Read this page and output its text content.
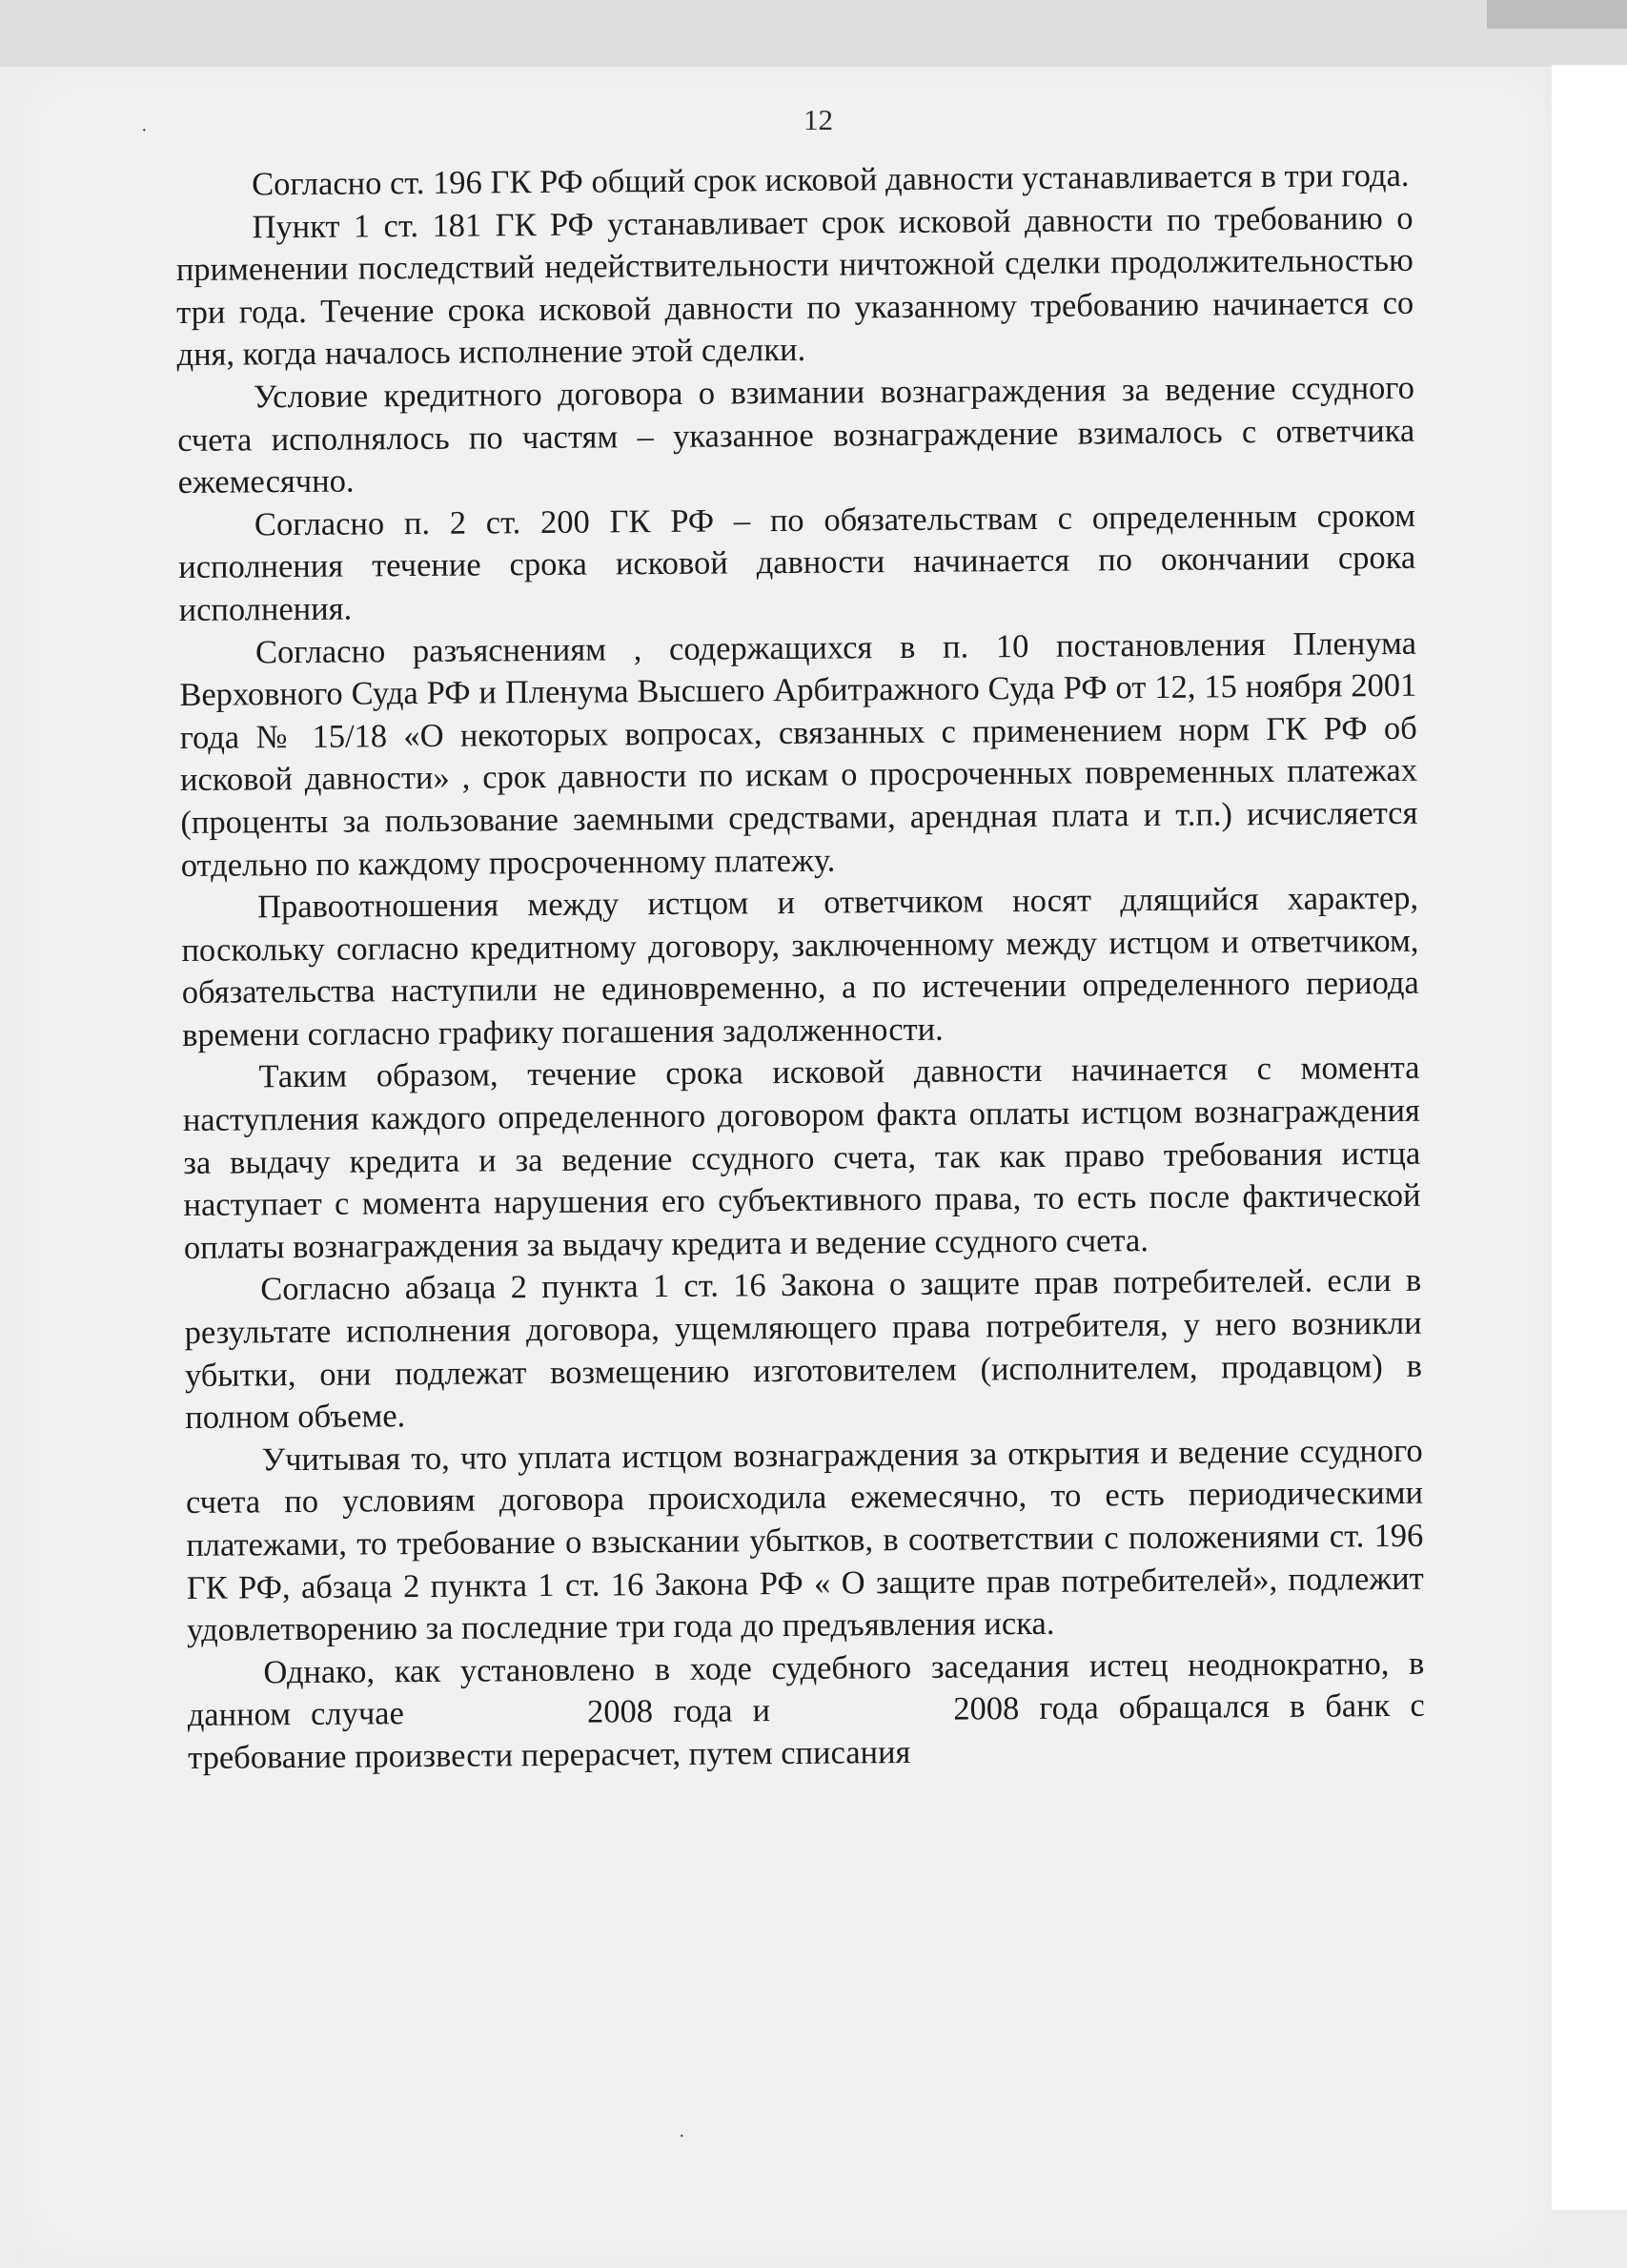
12
·
·

Согласно ст. 196 ГК РФ общий срок исковой давности устанавливается в три года.

Пункт 1 ст. 181 ГК РФ устанавливает срок исковой давности по требованию о применении последствий недействительности ничтожной сделки продолжительностью три года. Течение срока исковой давности по указанному требованию начинается со дня, когда началось исполнение этой сделки.

Условие кредитного договора о взимании вознаграждения за ведение ссудного счета исполнялось по частям – указанное вознаграждение взималось с ответчика ежемесячно.

Согласно п. 2 ст. 200 ГК РФ – по обязательствам с определенным сроком исполнения течение срока исковой давности начинается по окончании срока исполнения.

Согласно разъяснениям , содержащихся в п. 10 постановления Пленума Верховного Суда РФ и Пленума Высшего Арбитражного Суда РФ от 12, 15 ноября 2001 года № 15/18 «О некоторых вопросах, связанных с применением норм ГК РФ об исковой давности» , срок давности по искам о просроченных повременных платежах (проценты за пользование заемными средствами, арендная плата и т.п.) исчисляется отдельно по каждому просроченному платежу.

Правоотношения между истцом и ответчиком носят длящийся характер, поскольку согласно кредитному договору, заключенному между истцом и ответчиком, обязательства наступили не единовременно, а по истечении определенного периода времени согласно графику погашения задолженности.

Таким образом, течение срока исковой давности начинается с момента наступления каждого определенного договором факта оплаты истцом вознаграждения за выдачу кредита и за ведение ссудного счета, так как право требования истца наступает с момента нарушения его субъективного права, то есть после фактической оплаты вознаграждения за выдачу кредита и ведение ссудного счета.

Согласно абзаца 2 пункта 1 ст. 16 Закона о защите прав потребителей. если в результате исполнения договора, ущемляющего права потребителя, у него возникли убытки, они подлежат возмещению изготовителем (исполнителем, продавцом) в полном объеме.

Учитывая то, что уплата истцом вознаграждения за открытия и ведение ссудного счета по условиям договора происходила ежемесячно, то есть периодическими платежами, то требование о взыскании убытков, в соответствии с положениями ст. 196 ГК РФ, абзаца 2 пункта 1 ст. 16 Закона РФ « О защите прав потребителей», подлежит удовлетворению за последние три года до предъявления иска.

Однако, как установлено в ходе судебного заседания истец неоднократно, в данном случае	2008 года и	2008 года обращался в банк с требование произвести перерасчет, путем списания
